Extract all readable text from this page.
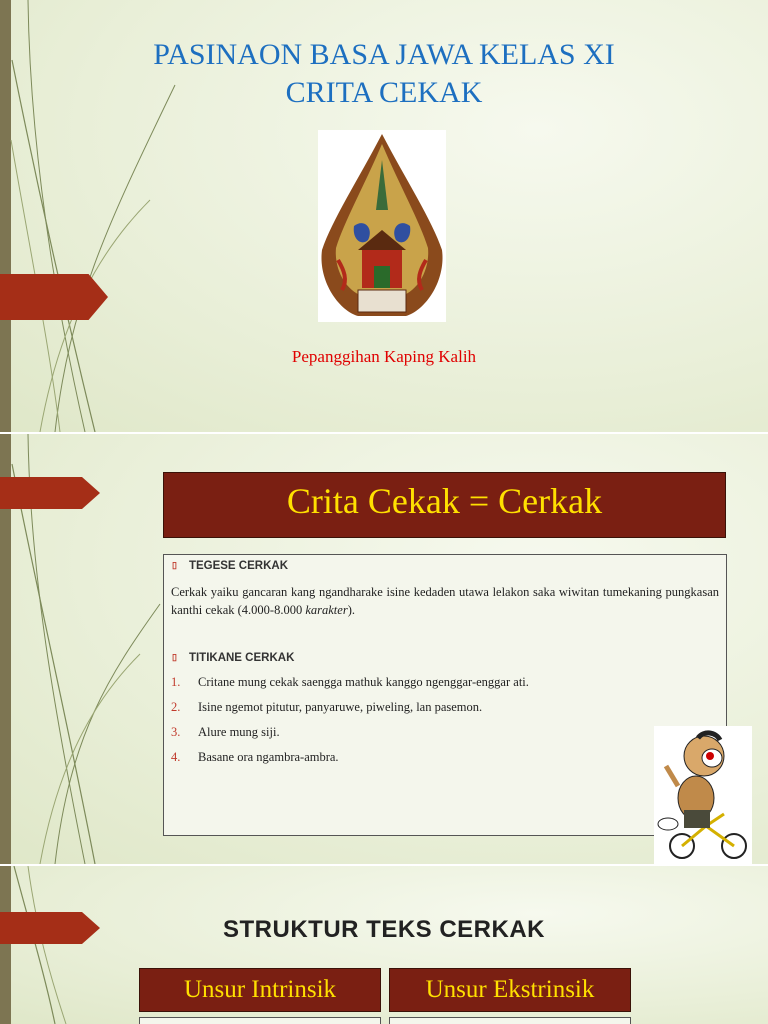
PASINAON BASA JAWA KELAS XI
CRITA CEKAK
Pepanggihan Kaping Kalih
Crita Cekak = Cerkak
▯ TEGESE CERKAK
Cerkak yaiku gancaran kang ngandharake isine kedaden utawa lelakon saka wiwitan tumekaning pungkasan kanthi cekak (4.000-8.000 karakter).
▯ TITIKANE CERKAK
1. Critane mung cekak saengga mathuk kanggo ngenggar-enggar ati.
2. Isine ngemot pitutur, panyaruwe, piweling, lan pasemon.
3. Alure mung siji.
4. Basane ora ngambra-ambra.
STRUKTUR TEKS CERKAK
Unsur Intrinsik	Unsur Ekstrinsik
